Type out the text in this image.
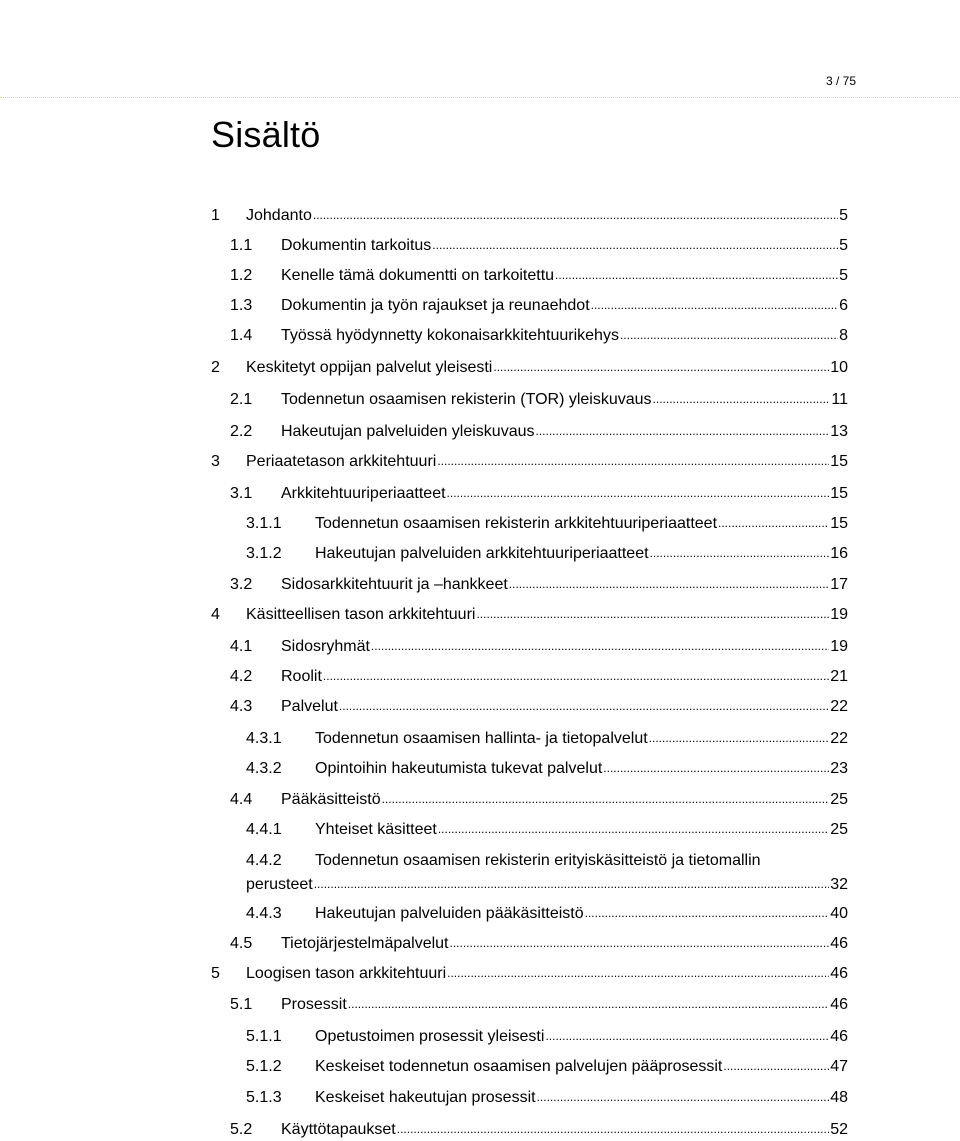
3 / 75
Sisältö
1	Johdanto .....	5
1.1	Dokumentin tarkoitus .....	5
1.2	Kenelle tämä dokumentti on tarkoitettu .....	5
1.3	Dokumentin ja työn rajaukset ja reunaehdot .....	6
1.4	Työssä hyödynnetty kokonaisarkkitehtuurikehys .....	8
2	Keskitetyt oppijan palvelut yleisesti .....	10
2.1	Todennetun osaamisen rekisterin (TOR) yleiskuvaus .....	11
2.2	Hakeutujan palveluiden yleiskuvaus .....	13
3	Periaatetason arkkitehtuuri .....	15
3.1	Arkkitehtuuriperiaatteet .....	15
3.1.1	Todennetun osaamisen rekisterin arkkitehtuuriperiaatteet .....	15
3.1.2	Hakeutujan palveluiden arkkitehtuuriperiaatteet .....	16
3.2	Sidosarkkitehtuurit ja –hankkeet .....	17
4	Käsitteellisen tason arkkitehtuuri .....	19
4.1	Sidosryhmät .....	19
4.2	Roolit .....	21
4.3	Palvelut .....	22
4.3.1	Todennetun osaamisen hallinta- ja tietopalvelut .....	22
4.3.2	Opintoihin hakeutumista tukevat palvelut .....	23
4.4	Pääkäsitteistö .....	25
4.4.1	Yhteiset käsitteet .....	25
4.4.2 Todennetun osaamisen rekisterin erityiskäsitteistö ja tietomallin
perusteet .....	32
4.4.3	Hakeutujan palveluiden pääkäsitteistö .....	40
4.5	Tietojärjestelmäpalvelut .....	46
5	Loogisen tason arkkitehtuuri .....	46
5.1	Prosessit .....	46
5.1.1	Opetustoimen prosessit yleisesti .....	46
5.1.2	Keskeiset todennetun osaamisen palvelujen pääprosessit .....	47
5.1.3	Keskeiset hakeutujan prosessit .....	48
5.2	Käyttötapaukset .....	52
